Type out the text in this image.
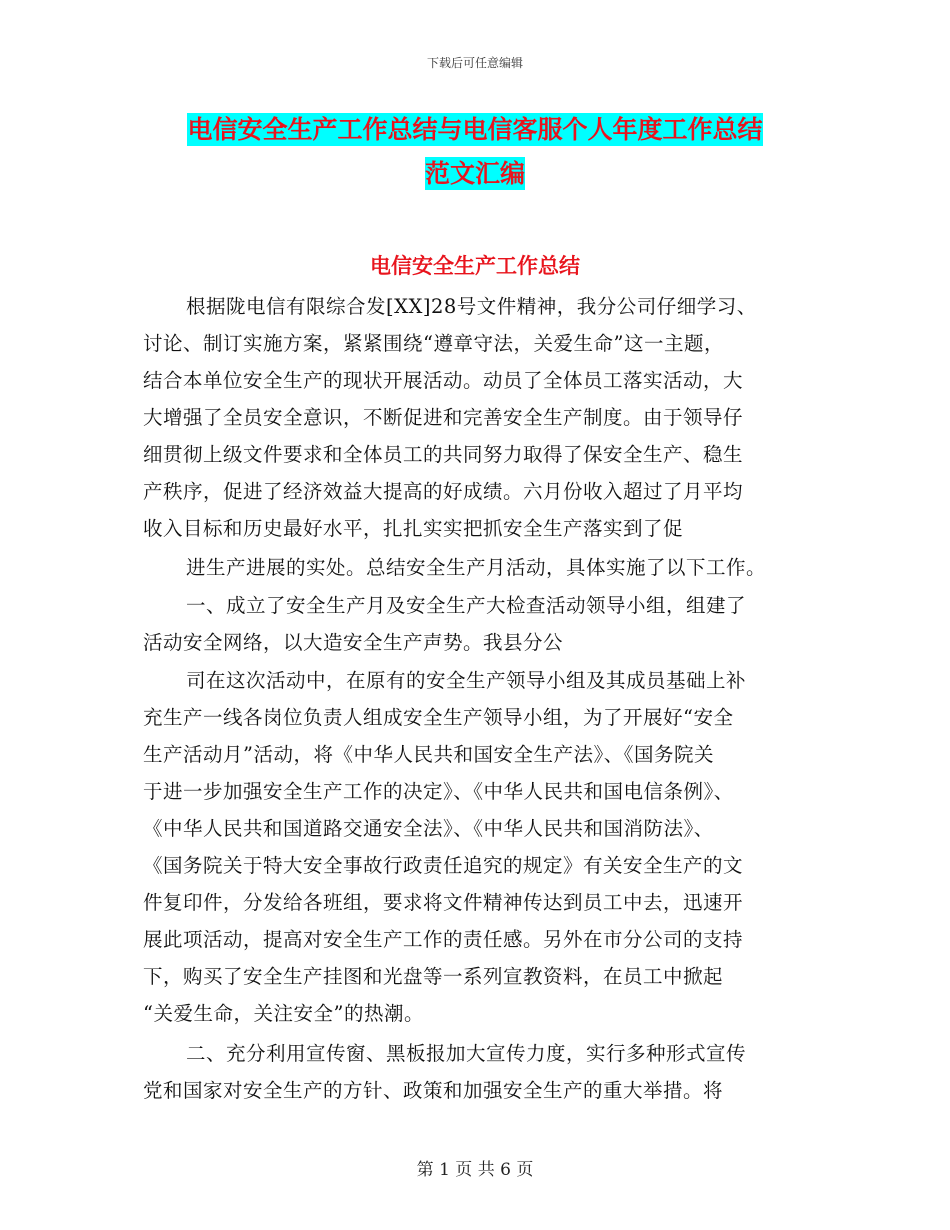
下载后可任意编辑
电信安全生产工作总结与电信客服个人年度工作总结
范文汇编
电信安全生产工作总结
根据陇电信有限综合发[XX]28号文件精神，我分公司仔细学习、
讨论、制订实施方案，紧紧围绕“遵章守法，关爱生命”这一主题，
结合本单位安全生产的现状开展活动。动员了全体员工落实活动，大
大增强了全员安全意识，不断促进和完善安全生产制度。由于领导仔
细贯彻上级文件要求和全体员工的共同努力取得了保安全生产、稳生
产秩序，促进了经济效益大提高的好成绩。六月份收入超过了月平均
收入目标和历史最好水平，扎扎实实把抓安全生产落实到了促
进生产进展的实处。总结安全生产月活动，具体实施了以下工作。
一、成立了安全生产月及安全生产大检查活动领导小组，组建了
活动安全网络，以大造安全生产声势。我县分公
司在这次活动中，在原有的安全生产领导小组及其成员基础上补
充生产一线各岗位负责人组成安全生产领导小组，为了开展好“安全
生产活动月”活动，将《中华人民共和国安全生产法》、《国务院关
于进一步加强安全生产工作的决定》、《中华人民共和国电信条例》、
《中华人民共和国道路交通安全法》、《中华人民共和国消防法》、
《国务院关于特大安全事故行政责任追究的规定》有关安全生产的文
件复印件，分发给各班组，要求将文件精神传达到员工中去，迅速开
展此项活动，提高对安全生产工作的责任感。另外在市分公司的支持
下，购买了安全生产挂图和光盘等一系列宣教资料，在员工中掀起
“关爱生命，关注安全”的热潮。
二、充分利用宣传窗、黑板报加大宣传力度，实行多种形式宣传
党和国家对安全生产的方针、政策和加强安全生产的重大举措。将
第 1 页 共 6 页
